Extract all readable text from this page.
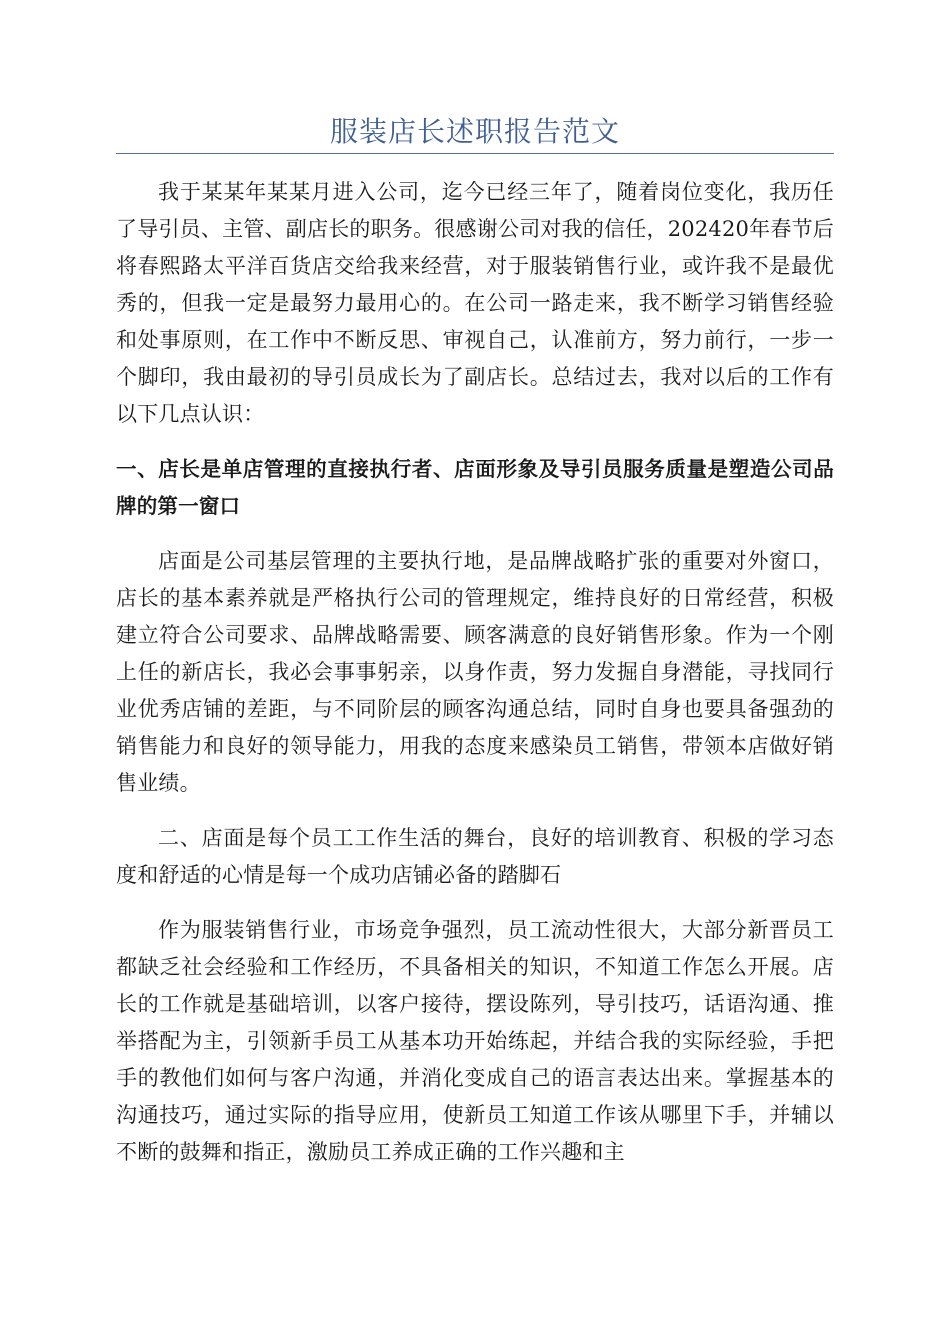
服装店长述职报告范文

我于某某年某某月进入公司，迄今已经三年了，随着岗位变化，我历任了导引员、主管、副店长的职务。很感谢公司对我的信任，202420年春节后将春熙路太平洋百货店交给我来经营，对于服装销售行业，或许我不是最优秀的，但我一定是最努力最用心的。在公司一路走来，我不断学习销售经验和处事原则，在工作中不断反思、审视自己，认准前方，努力前行，一步一个脚印，我由最初的导引员成长为了副店长。总结过去，我对以后的工作有以下几点认识：

一、店长是单店管理的直接执行者、店面形象及导引员服务质量是塑造公司品牌的第一窗口

店面是公司基层管理的主要执行地，是品牌战略扩张的重要对外窗口，店长的基本素养就是严格执行公司的管理规定，维持良好的日常经营，积极建立符合公司要求、品牌战略需要、顾客满意的良好销售形象。作为一个刚上任的新店长，我必会事事躬亲，以身作责，努力发掘自身潜能，寻找同行业优秀店铺的差距，与不同阶层的顾客沟通总结，同时自身也要具备强劲的销售能力和良好的领导能力，用我的态度来感染员工销售，带领本店做好销售业绩。

二、店面是每个员工工作生活的舞台，良好的培训教育、积极的学习态度和舒适的心情是每一个成功店铺必备的踏脚石

作为服装销售行业，市场竞争强烈，员工流动性很大，大部分新晋员工都缺乏社会经验和工作经历，不具备相关的知识，不知道工作怎么开展。店长的工作就是基础培训，以客户接待，摆设陈列，导引技巧，话语沟通、推举搭配为主，引领新手员工从基本功开始练起，并结合我的实际经验，手把手的教他们如何与客户沟通，并消化变成自己的语言表达出来。掌握基本的沟通技巧，通过实际的指导应用，使新员工知道工作该从哪里下手，并辅以不断的鼓舞和指正，激励员工养成正确的工作兴趣和主
